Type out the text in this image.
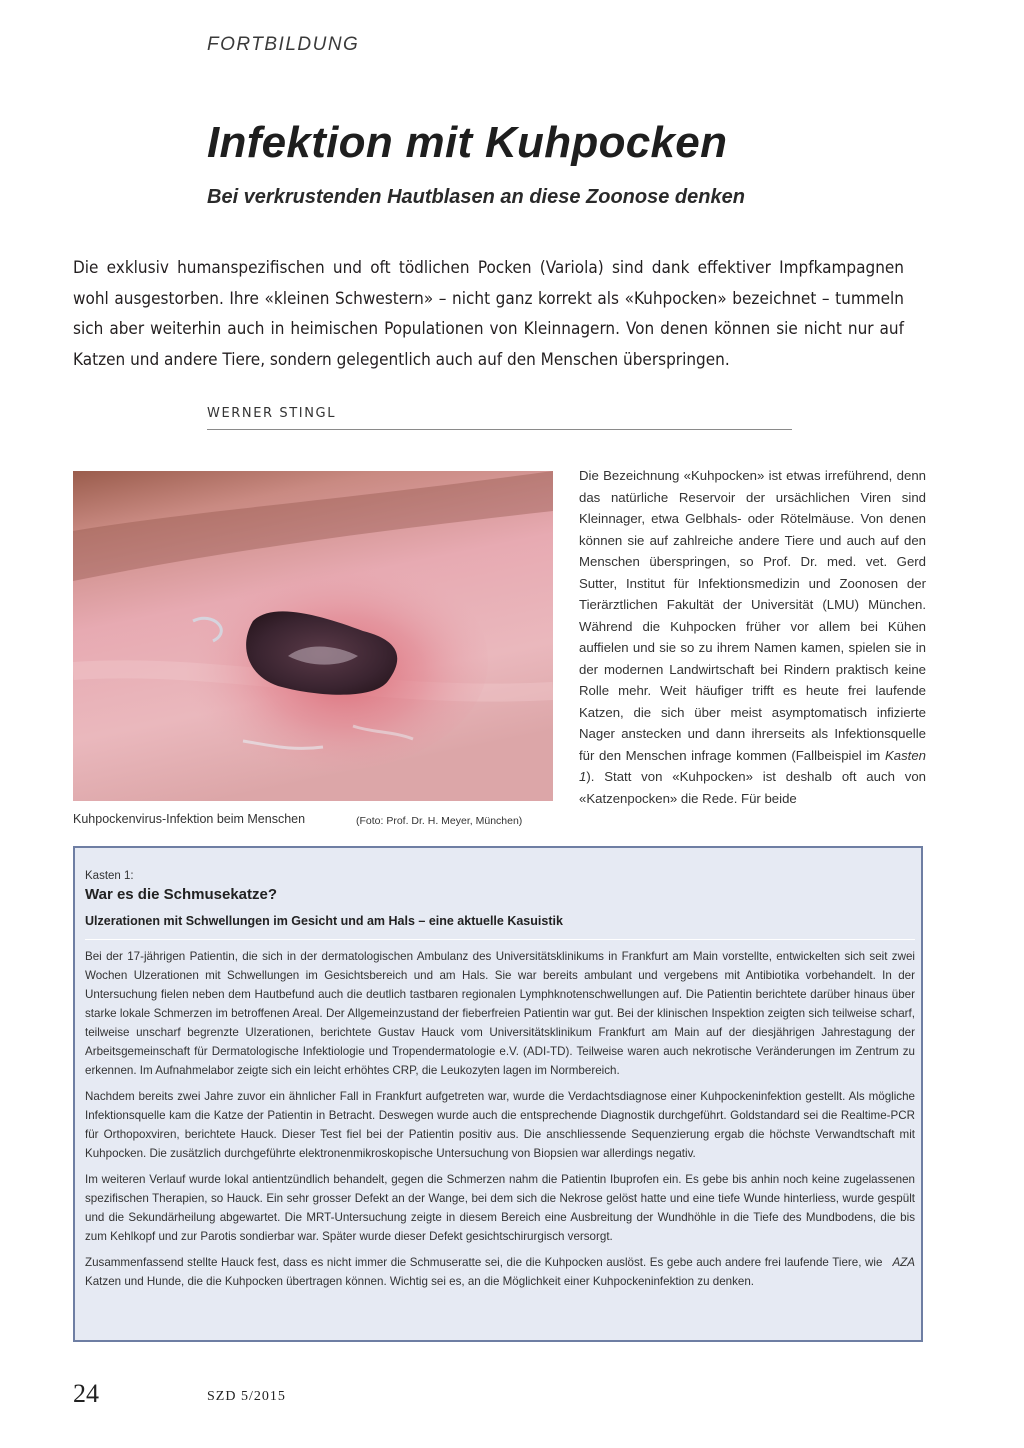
FORTBILDUNG
Infektion mit Kuhpocken
Bei verkrustenden Hautblasen an diese Zoonose denken

Die exklusiv humanspezifischen und oft tödlichen Pocken (Variola) sind dank effektiver Impfkampagnen wohl ausgestorben. Ihre «kleinen Schwestern» – nicht ganz korrekt als «Kuhpocken» bezeichnet – tummeln sich aber weiterhin auch in heimischen Populationen von Kleinnagern. Von denen können sie nicht nur auf Katzen und andere Tiere, sondern gelegentlich auch auf den Menschen überspringen.

WERNER STINGL
Kuhpockenvirus-Infektion beim Menschen	(Foto: Prof. Dr. H. Meyer, München)

Die Bezeichnung «Kuhpocken» ist etwas irreführend, denn das natürliche Reservoir der ursächlichen Viren sind Kleinnager, etwa Gelbhals- oder Rötelmäuse. Von denen können sie auf zahlreiche andere Tiere und auch auf den Menschen überspringen, so Prof. Dr. med. vet. Gerd Sutter, Institut für Infektionsmedizin und Zoonosen der Tierärztlichen Fakultät der Universität (LMU) München. Während die Kuhpocken früher vor allem bei Kühen auffielen und sie so zu ihrem Namen kamen, spielen sie in der modernen Landwirtschaft bei Rindern praktisch keine Rolle mehr. Weit häufiger trifft es heute frei laufende Katzen, die sich über meist asymptomatisch infizierte Nager anstecken und dann ihrerseits als Infektionsquelle für den Menschen infrage kommen (Fallbeispiel im Kasten 1). Statt von «Kuhpocken» ist deshalb oft auch von «Katzenpocken» die Rede. Für beide

Kasten 1:
War es die Schmusekatze?
Ulzerationen mit Schwellungen im Gesicht und am Hals – eine aktuelle Kasuistik

Bei der 17-jährigen Patientin, die sich in der dermatologischen Ambulanz des Universitätsklinikums in Frankfurt am Main vorstellte, entwickelten sich seit zwei Wochen Ulzerationen mit Schwellungen im Gesichtsbereich und am Hals. Sie war bereits ambulant und vergebens mit Antibiotika vorbehandelt. In der Untersuchung fielen neben dem Hautbefund auch die deutlich tastbaren regionalen Lymphknotenschwellungen auf. Die Patientin berichtete darüber hinaus über starke lokale Schmerzen im betroffenen Areal. Der Allgemeinzustand der fieberfreien Patientin war gut. Bei der klinischen Inspektion zeigten sich teilweise scharf, teilweise unscharf begrenzte Ulzerationen, berichtete Gustav Hauck vom Universitätsklinikum Frankfurt am Main auf der diesjährigen Jahrestagung der Arbeitsgemeinschaft für Dermatologische Infektiologie und Tropendermatologie e.V. (ADI-TD). Teilweise waren auch nekrotische Veränderungen im Zentrum zu erkennen. Im Aufnahmelabor zeigte sich ein leicht erhöhtes CRP, die Leukozyten lagen im Normbereich.

Nachdem bereits zwei Jahre zuvor ein ähnlicher Fall in Frankfurt aufgetreten war, wurde die Verdachtsdiagnose einer Kuhpockeninfektion gestellt. Als mögliche Infektionsquelle kam die Katze der Patientin in Betracht. Deswegen wurde auch die entsprechende Diagnostik durchgeführt. Goldstandard sei die Realtime-PCR für Orthopoxviren, berichtete Hauck. Dieser Test fiel bei der Patientin positiv aus. Die anschliessende Sequenzierung ergab die höchste Verwandtschaft mit Kuhpocken. Die zusätzlich durchgeführte elektronenmikroskopische Untersuchung von Biopsien war allerdings negativ.

Im weiteren Verlauf wurde lokal antientzündlich behandelt, gegen die Schmerzen nahm die Patientin Ibuprofen ein. Es gebe bis anhin noch keine zugelassenen spezifischen Therapien, so Hauck. Ein sehr grosser Defekt an der Wange, bei dem sich die Nekrose gelöst hatte und eine tiefe Wunde hinterliess, wurde gespült und die Sekundärheilung abgewartet. Die MRT-Untersuchung zeigte in diesem Bereich eine Ausbreitung der Wundhöhle in die Tiefe des Mundbodens, die bis zum Kehlkopf und zur Parotis sondierbar war. Später wurde dieser Defekt gesichtschirurgisch versorgt.

AZA
Zusammenfassend stellte Hauck fest, dass es nicht immer die Schmuseratte sei, die die Kuhpocken auslöst. Es gebe auch andere frei laufende Tiere, wie Katzen und Hunde, die die Kuhpocken übertragen können. Wichtig sei es, an die Möglichkeit einer Kuhpockeninfektion zu denken.

24	SZD 5/2015
